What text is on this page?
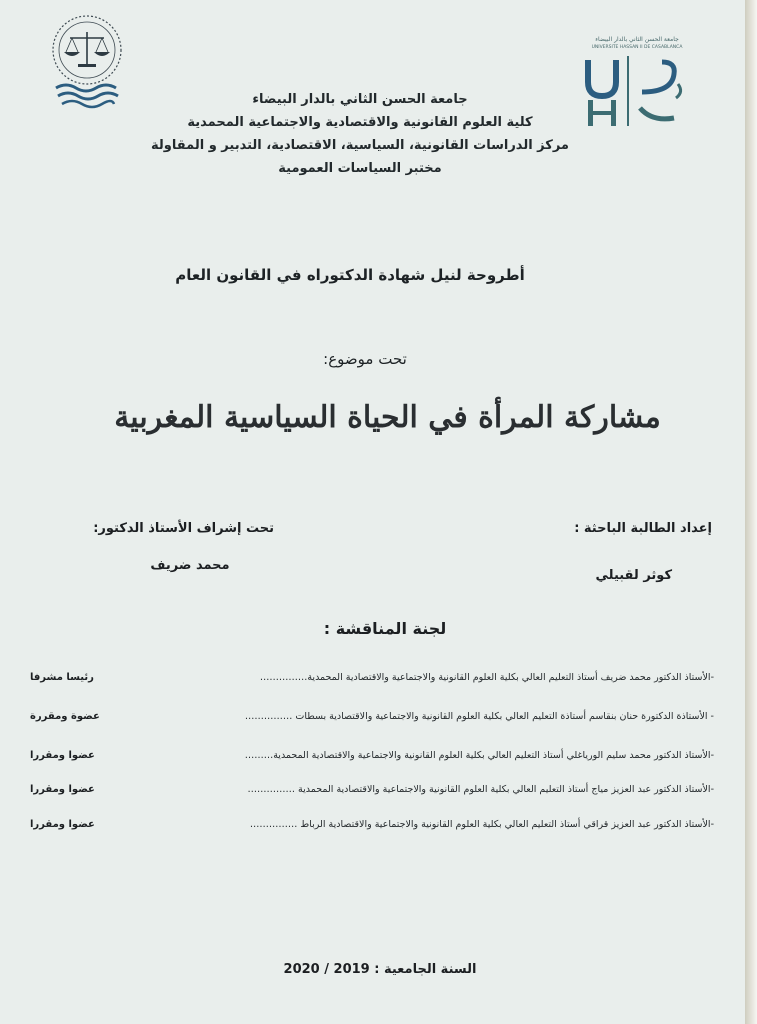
جامعة الحسن الثاني بالدار البيضاء
UNIVERSITE HASSAN II DE CASABLANCA
جامعة الحسن الثاني بالدار البيضاء
كلية العلوم القانونية والاقتصادية والاجتماعية المحمدية
مركز الدراسات القانونية، السياسية، الاقتصادية، التدبير و المقاولة
مختبر السياسات العمومية
أطروحة لنيل شهادة الدكتوراه في القانون العام
تحت موضوع:
مشاركة المرأة في الحياة السياسية المغربية
إعداد الطالبة الباحثة :
كوثر لقبيلي
تحت إشراف الأستاذ الدكتور:
محمد ضريف
لجنة المناقشة :
-الأستاذ الدكتور محمد ضريف أستاذ التعليم العالي بكلية العلوم القانونية والاجتماعية والاقتصادية المحمدية……………
رئيسا مشرفا
- الأستاذة الدكتورة حنان بنقاسم أستاذة التعليم العالي بكلية العلوم القانونية والاجتماعية والاقتصادية بسطات ……………
عضوة ومقررة
-الأستاذ الدكتور محمد سليم الورياغلي أستاذ التعليم العالي بكلية العلوم القانونية والاجتماعية والاقتصادية المحمدية………
عضوا ومقررا
-الأستاذ الدكتور عبد العزيز مياج أستاذ التعليم العالي بكلية العلوم القانونية والاجتماعية والاقتصادية المحمدية ……………
عضوا ومقررا
-الأستاذ الدكتور عبد العزيز قراقي أستاذ التعليم العالي بكلية العلوم القانونية والاجتماعية والاقتصادية الرباط ……………
عضوا ومقررا
السنة الجامعية : 2019 / 2020
